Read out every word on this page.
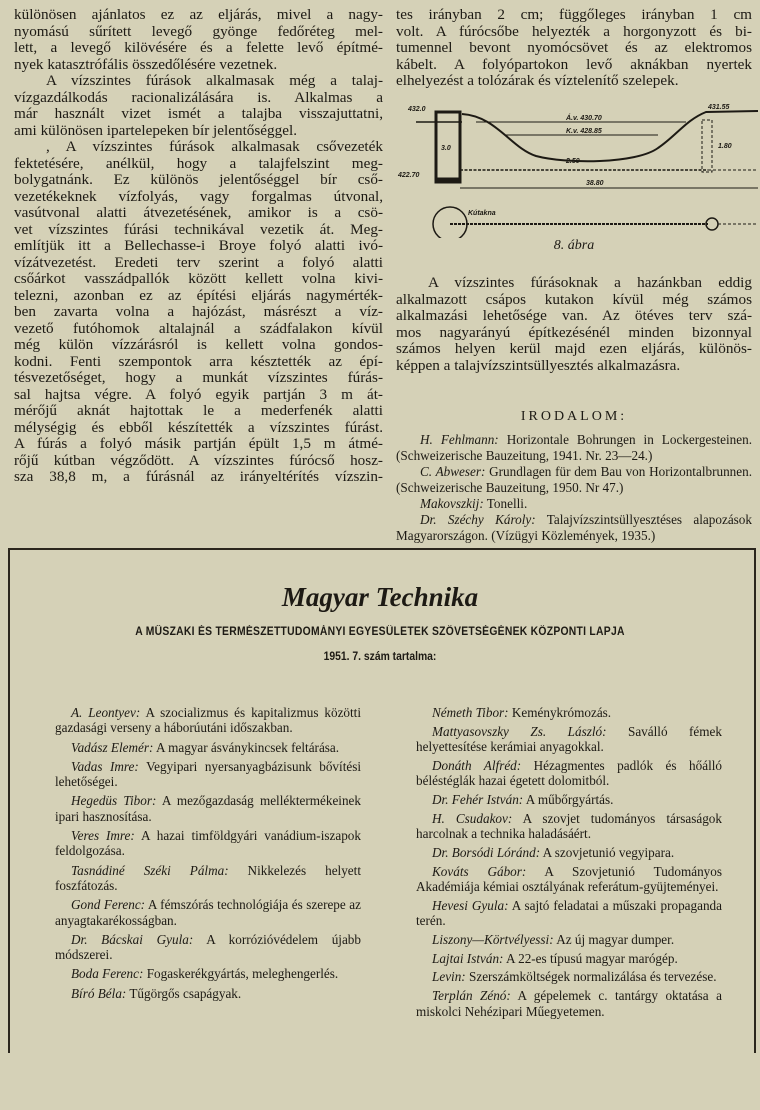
különösen ajánlatos ez az eljárás, mivel a nagy-
nyomású sűrített levegő gyönge fedőréteg mel-
lett, a levegő kilövésére és a felette levő építmé-
nyek katasztrófális összedőlésére vezetnek.
A vízszintes fúrások alkalmasak még a talaj-
vízgazdálkodás racionalizálására is. Alkalmas a
már használt vizet ismét a talajba visszajuttatni,
ami különösen ipartelepeken bír jelentőséggel.
, A vízszintes fúrások alkalmasak csővezeték
fektetésére, anélkül, hogy a talajfelszint meg-
bolygatnánk. Ez különös jelentőséggel bír cső-
vezetékeknek vízfolyás, vagy forgalmas útvonal,
vasútvonal alatti átvezetésének, amikor is a csö-
vet vízszintes fúrási technikával vezetik át. Meg-
említjük itt a Bellechasse-i Broye folyó alatti ivó-
vízátvezetést. Eredeti terv szerint a folyó alatti
csőárkot vasszádpallók között kellett volna kivi-
telezni, azonban ez az építési eljárás nagymérték-
ben zavarta volna a hajózást, másrészt a víz-
vezető futóhomok altalajnál a szádfalakon kívül
még külön vízzárásról is kellett volna gondos-
kodni. Fenti szempontok arra késztették az épí-
tésvezetőséget, hogy a munkát vízszintes fúrás-
sal hajtsa végre. A folyó egyik partján 3 m át-
mérőjű aknát hajtottak le a mederfenék alatti
mélységig és ebből készítették a vízszintes fúrást.
A fúrás a folyó másik partján épült 1,5 m átmé-
rőjű kútban végződött. A vízszintes fúrócső hosz-
sza 38,8 m, a fúrásnál az irányeltérítés vízszin-
tes irányban 2 cm; függőleges irányban 1 cm
volt. A fúrócsőbe helyezték a horgonyzott és bi-
tumennel bevont nyomócsövet és az elektromos
kábelt. A folyópartokon levő aknákban nyertek
elhelyezést a tolózárak és víztelenítő szelepek.
432.0
Á.v. 430.70
K.v. 428.85
3.0
2.50
422.70
431.55
1.80
38.80
Kútakna
8. ábra
A vízszintes fúrásoknak a hazánkban eddig
alkalmazott csápos kutakon kívül még számos
alkalmazási lehetősége van. Az ötéves terv szá-
mos nagyarányú építkezésénél minden bizonnyal
számos helyen kerül majd ezen eljárás, különös-
képpen a talajvízszintsüllyesztés alkalmazásra.
IRODALOM:
H. Fehlmann: Horizontale Bohrungen in Lockergesteinen. (Schweizerische Bauzeitung, 1941. Nr. 23—24.)
C. Abweser: Grundlagen für dem Bau von Horizontalbrunnen. (Schweizerische Bauzeitung, 1950. Nr 47.)
Makovszkij: Tonelli.
Dr. Széchy Károly: Talajvízszintsüllyesztéses alapozások Magyarországon. (Vízügyi Közlemények, 1935.)
Magyar Technika
A MŰSZAKI ÉS TERMÉSZETTUDOMÁNYI EGYESÜLETEK SZÖVETSÉGÉNEK KÖZPONTI LAPJA
1951. 7. szám tartalma:
A. Leontyev: A szocializmus és kapitalizmus közötti gazdasági verseny a háborúutáni időszakban.
Vadász Elemér: A magyar ásványkincsek feltárása.
Vadas Imre: Vegyipari nyersanyagbázisunk bővítési lehetőségei.
Hegedüs Tibor: A mezőgazdaság melléktermékeinek ipari hasznosítása.
Veres Imre: A hazai timföldgyári vanádium-iszapok feldolgozása.
Tasnádiné Széki Pálma: Nikkelezés helyett foszfátozás.
Gond Ferenc: A fémszórás technológiája és szerepe az anyagtakarékosságban.
Dr. Bácskai Gyula: A korrózióvédelem újabb módszerei.
Boda Ferenc: Fogaskerékgyártás, meleghengerlés.
Bíró Béla: Tűgörgős csapágyak.
Németh Tibor: Keménykrómozás.
Mattyasovszky Zs. László: Saválló fémek helyettesítése kerámiai anyagokkal.
Donáth Alfréd: Hézagmentes padlók és hőálló béléstéglák hazai égetett dolomitból.
Dr. Fehér István: A műbőrgyártás.
H. Csudakov: A szovjet tudományos társaságok harcolnak a technika haladásáért.
Dr. Borsódi Lóránd: A szovjetunió vegyipara.
Kováts Gábor: A Szovjetunió Tudományos Akadémiája kémiai osztályának referátum-gyüjteményei.
Hevesi Gyula: A sajtó feladatai a műszaki propaganda terén.
Liszony—Körtvélyessi: Az új magyar dumper.
Lajtai István: A 22-es típusú magyar marógép.
Levin: Szerszámköltségek normalizálása és tervezése.
Terplán Zénó: A gépelemek c. tantárgy oktatása a miskolci Nehézipari Műegyetemen.
